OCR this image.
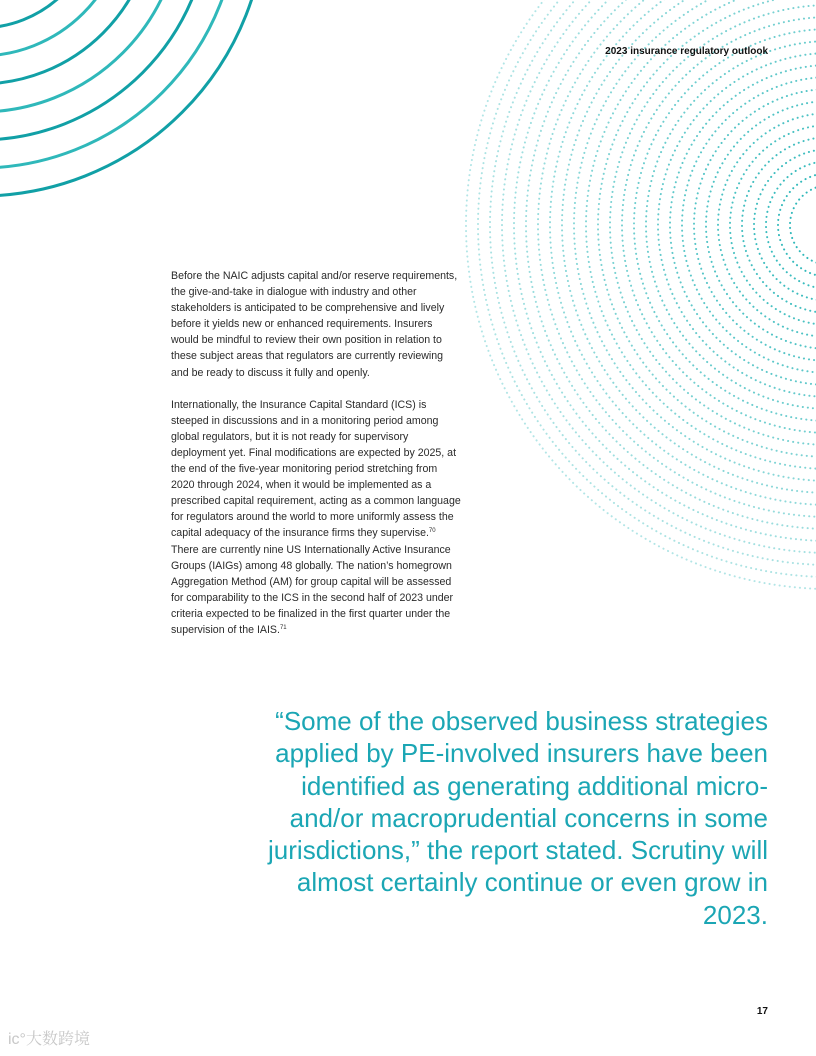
2023 insurance regulatory outlook

Before the NAIC adjusts capital and/or reserve requirements, the give-and-take in dialogue with industry and other stakeholders is anticipated to be comprehensive and lively before it yields new or enhanced requirements. Insurers would be mindful to review their own position in relation to these subject areas that regulators are currently reviewing and be ready to discuss it fully and openly.

Internationally, the Insurance Capital Standard (ICS) is steeped in discussions and in a monitoring period among global regulators, but it is not ready for supervisory deployment yet. Final modifications are expected by 2025, at the end of the five-year monitoring period stretching from 2020 through 2024, when it would be implemented as a prescribed capital requirement, acting as a common language for regulators around the world to more uniformly assess the capital adequacy of the insurance firms they supervise.$^{70}$ There are currently nine US Internationally Active Insurance Groups (IAIGs) among 48 globally. The nation’s homegrown Aggregation Method (AM) for group capital will be assessed for comparability to the ICS in the second half of 2023 under criteria expected to be finalized in the first quarter under the supervision of the IAIS.$^{71}$

“Some of the observed business strategies applied by PE-involved insurers have been identified as generating additional micro- and/or macroprudential concerns in some jurisdictions,” the report stated. Scrutiny will almost certainly continue or even grow in 2023.

17
ic°大数跨境
